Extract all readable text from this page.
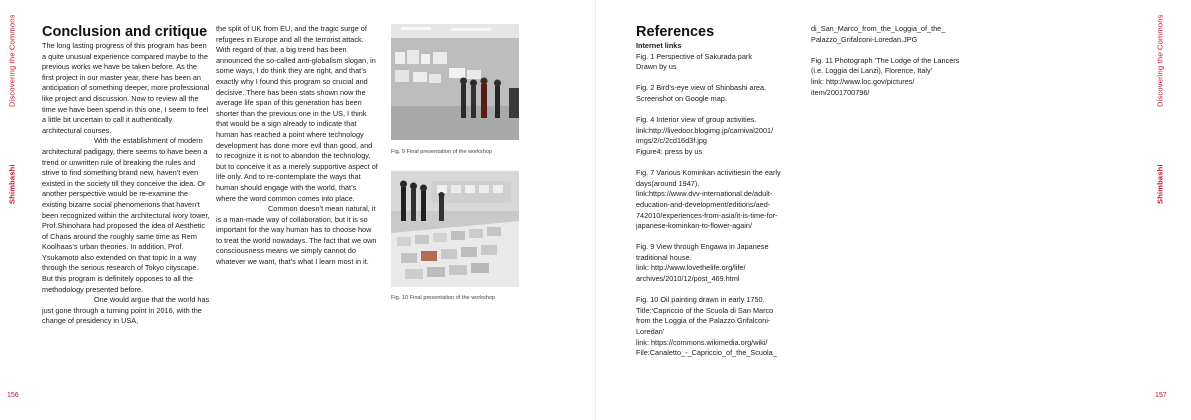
Shimbashi
Discovering the Commons
156
Conclusion and critique

The long lasting progress of this program has been a quite unusual experience compared maybe to the previous works we have be taken before. As the first project in our master year, there has been an anticipation of something deeper, more professional like project and discussion. Now to review all the time we have been spend in this one, I seem to feel a little bit uncertain to call it authentically architectural courses.

With the establishment of modern architectural padigagy, there seems to have been a trend or unwritten rule of breaking the rules and strive to find something brand new, haven’t even existed in the society till they conceive the idea. Or another perspective would be re-examine the existing bizarre social phenomenons that haven’t been recognized within the architectural ivory tower, Prof.Shinohara had proposed the idea of Aesthetic of Chaos around the roughly same time as Rem Koolhaas’s urban theories. In addition, Prof. Ysukamoto also extended on that topic in a way through the serious research of Tokyo cityscape. But this program is definitely opposes to all the methodology presented before.

One would argue that the world has just gone through a turning point in 2016, with the change of presidency in USA,

the split of UK from EU, and the tragic surge of refugees in Europe and all the terrorist attack. With regard of that, a big trend has been announced the so-called anti-globalism slogan, in some ways, I do think they are right, and that’s exactly why I found this program so crucial and decisive. There has been stats shown now the average life span of this generation has been shorter than the previous one in the US, I think that would be a sign already to indicate that human has reached a point where technology development has done more evil than good, and to recognize it is not to abandon the technology, but to conceive it as a merely supportive aspect of life only. And to re-contemplate the ways that human should engage with the world, that’s where the word common comes into place.

Common doesn’t mean natural, it is a man-made way of collaboration, but it is so important for the way human has to choose how to treat the world nowadays. The fact that we own consciousness means we simply cannot do whatever we want, that’s what I learn most in it.

Fig. 9 Final presentation of the workshop
Fig. 10 Final presentation of the workshop
Shimbashi
Discovering the Commons
157
References
Internet links
Fig. 1 Perspective of Sakurada park
Drawn by us
Fig. 2 Bird’s-eye view of Shinbashi area.
Screenshot on Google map.
Fig. 4 Interior view of group activities.
link:http://livedoor.blogimg.jp/carnival2001/
imgs/2/c/2cd16d3f.jpg
Figure4: press by us
Fig. 7 Various Kominkan activitiesin the early
days(around 1947).
link:https://www.dvv-international.de/adult-
education-and-development/editions/aed-
742010/experiences-from-asia/it-is-time-for-
japanese-kominkan-to-flower-again/
Fig. 9 View through Engawa in Japanese
traditional house.
link: http://www.lovethelife.org/life/
archives/2010/12/post_469.html
Fig. 10 Oil painting drawn in early 1750.
Title:‘Capriccio of the Scuola di San Marco
from the Loggia of the Palazzo Grifalconi-
Loredan’
link: https://commons.wikimedia.org/wiki/
File:Canaletto_-_Capriccio_of_the_Scuola_
di_San_Marco_from_the_Loggia_of_the_
Palazzo_Grifalconi-Loredan.JPG
Fig. 11 Photograph ‘The Lodge of the Lancers
(i.e. Loggia dei Lanzi), Florence, Italy’
link: http://www.loc.gov/pictures/
item/2001700796/
